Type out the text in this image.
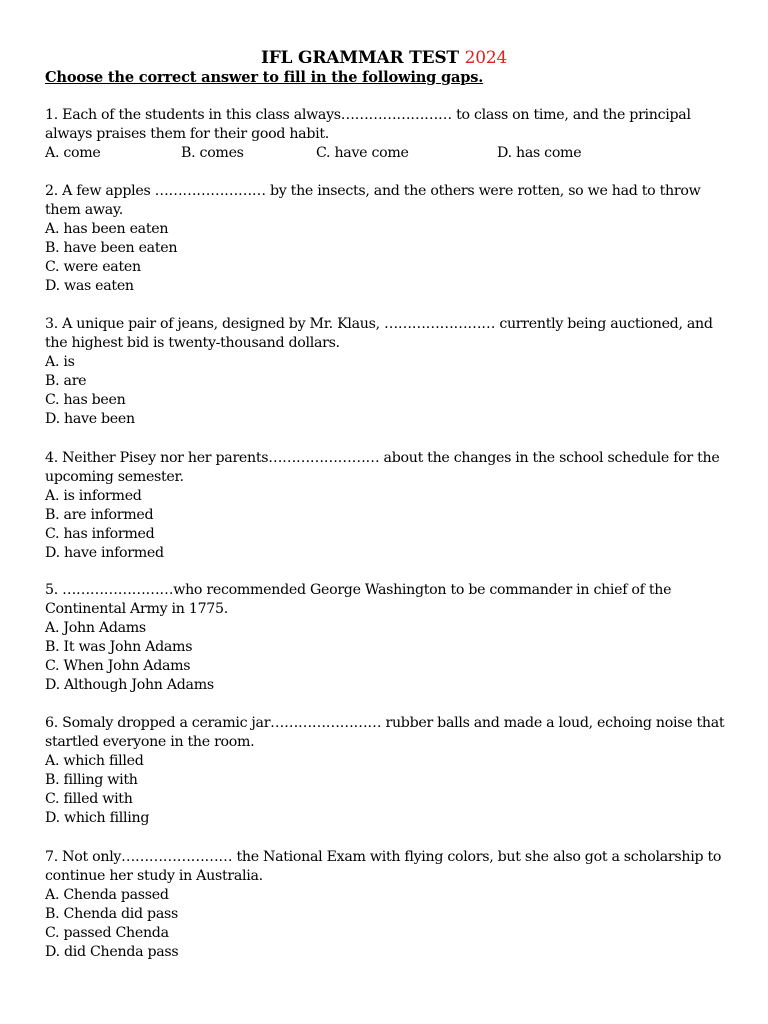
IFL GRAMMAR TEST 2024
Choose the correct answer to fill in the following gaps.

1. Each of the students in this class always…………………… to class on time, and the principal always praises them for their good habit.

A. come	B. comes	C. have come	D. has come

2. A few apples …………………… by the insects, and the others were rotten, so we had to throw them away.

A. has been eaten
B. have been eaten
C. were eaten
D. was eaten

3. A unique pair of jeans, designed by Mr. Klaus, …………………… currently being auctioned, and the highest bid is twenty-thousand dollars.

A. is
B. are
C. has been
D. have been

4. Neither Pisey nor her parents…………………… about the changes in the school schedule for the upcoming semester.

A. is informed
B. are informed
C. has informed
D. have informed

5. ……………………who recommended George Washington to be commander in chief of the Continental Army in 1775.

A. John Adams
B. It was John Adams
C. When John Adams
D. Although John Adams

6. Somaly dropped a ceramic jar…………………… rubber balls and made a loud, echoing noise that startled everyone in the room.

A. which filled
B. filling with
C. filled with
D. which filling

7. Not only…………………… the National Exam with flying colors, but she also got a scholarship to continue her study in Australia.

A. Chenda passed
B. Chenda did pass
C. passed Chenda
D. did Chenda pass
